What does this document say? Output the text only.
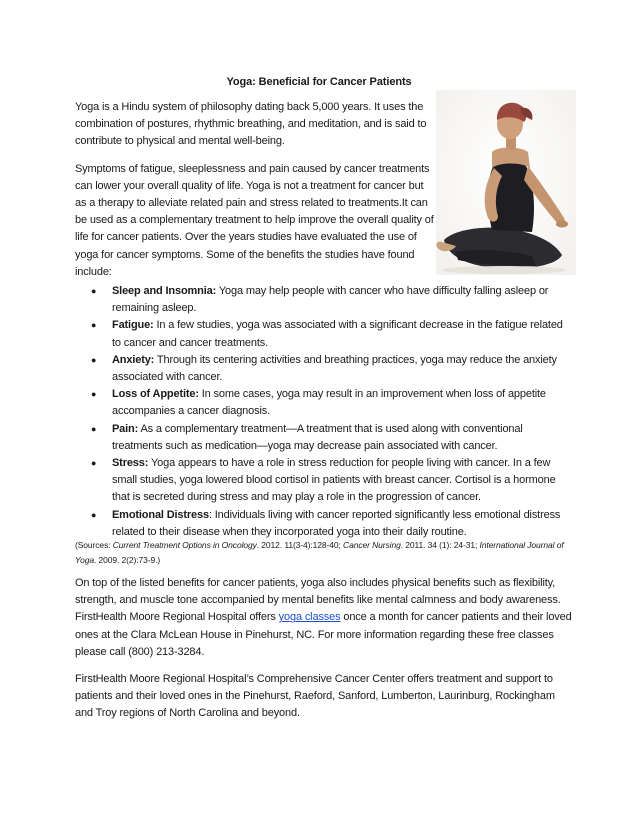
Yoga: Beneficial for Cancer Patients

Yoga is a Hindu system of philosophy dating back 5,000 years. It uses the combination of postures, rhythmic breathing, and meditation, and is said to contribute to physical and mental well-being.

Symptoms of fatigue, sleeplessness and pain caused by cancer treatments can lower your overall quality of life. Yoga is not a treatment for cancer but as a therapy to alleviate related pain and stress related to treatments.It can be used as a complementary treatment to help improve the overall quality of life for cancer patients. Over the years studies have evaluated the use of yoga for cancer symptoms. Some of the benefits the studies have found include:

● Sleep and Insomnia: Yoga may help people with cancer who have difficulty falling asleep or remaining asleep.
● Fatigue: In a few studies, yoga was associated with a significant decrease in the fatigue related to cancer and cancer treatments.
● Anxiety: Through its centering activities and breathing practices, yoga may reduce the anxiety associated with cancer.
● Loss of Appetite: In some cases, yoga may result in an improvement when loss of appetite accompanies a cancer diagnosis.
● Pain: As a complementary treatment—A treatment that is used along with conventional treatments such as medication—yoga may decrease pain associated with cancer.
● Stress: Yoga appears to have a role in stress reduction for people living with cancer. In a few small studies, yoga lowered blood cortisol in patients with breast cancer. Cortisol is a hormone that is secreted during stress and may play a role in the progression of cancer.
● Emotional Distress: Individuals living with cancer reported significantly less emotional distress related to their disease when they incorporated yoga into their daily routine.
(Sources: Current Treatment Options in Oncology. 2012. 11(3-4):128-40; Cancer Nursing. 2011. 34 (1): 24-31; International Journal of Yoga. 2009. 2(2):73-9.)

On top of the listed benefits for cancer patients, yoga also includes physical benefits such as flexibility, strength, and muscle tone accompanied by mental benefits like mental calmness and body awareness. FirstHealth Moore Regional Hospital offers yoga classes once a month for cancer patients and their loved ones at the Clara McLean House in Pinehurst, NC. For more information regarding these free classes please call (800) 213-3284.

FirstHealth Moore Regional Hospital’s Comprehensive Cancer Center offers treatment and support to patients and their loved ones in the Pinehurst, Raeford, Sanford, Lumberton, Laurinburg, Rockingham and Troy regions of North Carolina and beyond.
